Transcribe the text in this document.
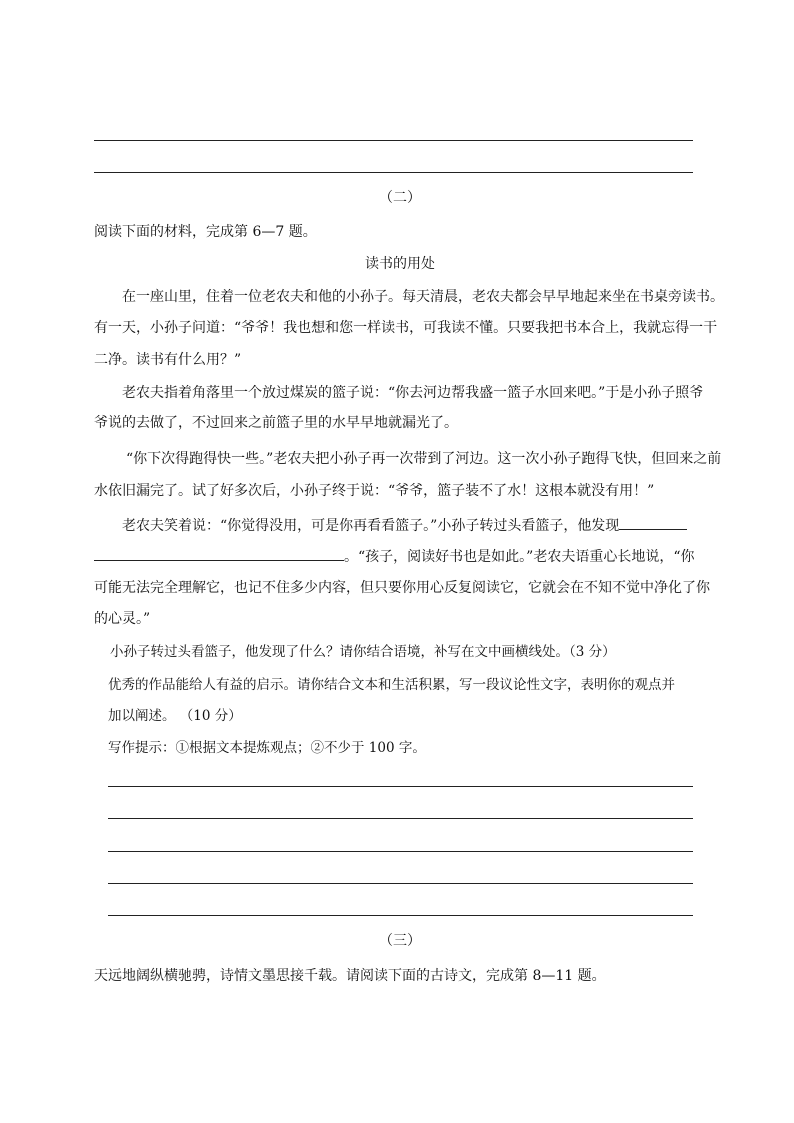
（二）
阅读下面的材料，完成第 6—7 题。
读书的用处
在一座山里，住着一位老农夫和他的小孙子。每天清晨，老农夫都会早早地起来坐在书桌旁读书。
有一天，小孙子问道：“爷爷！我也想和您一样读书，可我读不懂。只要我把书本合上，我就忘得一干
二净。读书有什么用？”
老农夫指着角落里一个放过煤炭的篮子说：“你去河边帮我盛一篮子水回来吧。”于是小孙子照爷
爷说的去做了，不过回来之前篮子里的水早早地就漏光了。
“你下次得跑得快一些。”老农夫把小孙子再一次带到了河边。这一次小孙子跑得飞快，但回来之前
水依旧漏完了。试了好多次后，小孙子终于说：“爷爷，篮子装不了水！这根本就没有用！”
老农夫笑着说：“你觉得没用，可是你再看看篮子。”小孙子转过头看篮子，他发现
。“孩子，阅读好书也是如此。”老农夫语重心长地说，“你
可能无法完全理解它，也记不住多少内容，但只要你用心反复阅读它，它就会在不知不觉中净化了你
的心灵。”
小孙子转过头看篮子，他发现了什么？请你结合语境，补写在文中画横线处。（3 分）
优秀的作品能给人有益的启示。请你结合文本和生活积累，写一段议论性文字，表明你的观点并
加以阐述。 （10 分）
写作提示：①根据文本提炼观点；②不少于 100 字。
（三）
天远地阔纵横驰骋，诗情文墨思接千载。请阅读下面的古诗文，完成第 8—11 题。
